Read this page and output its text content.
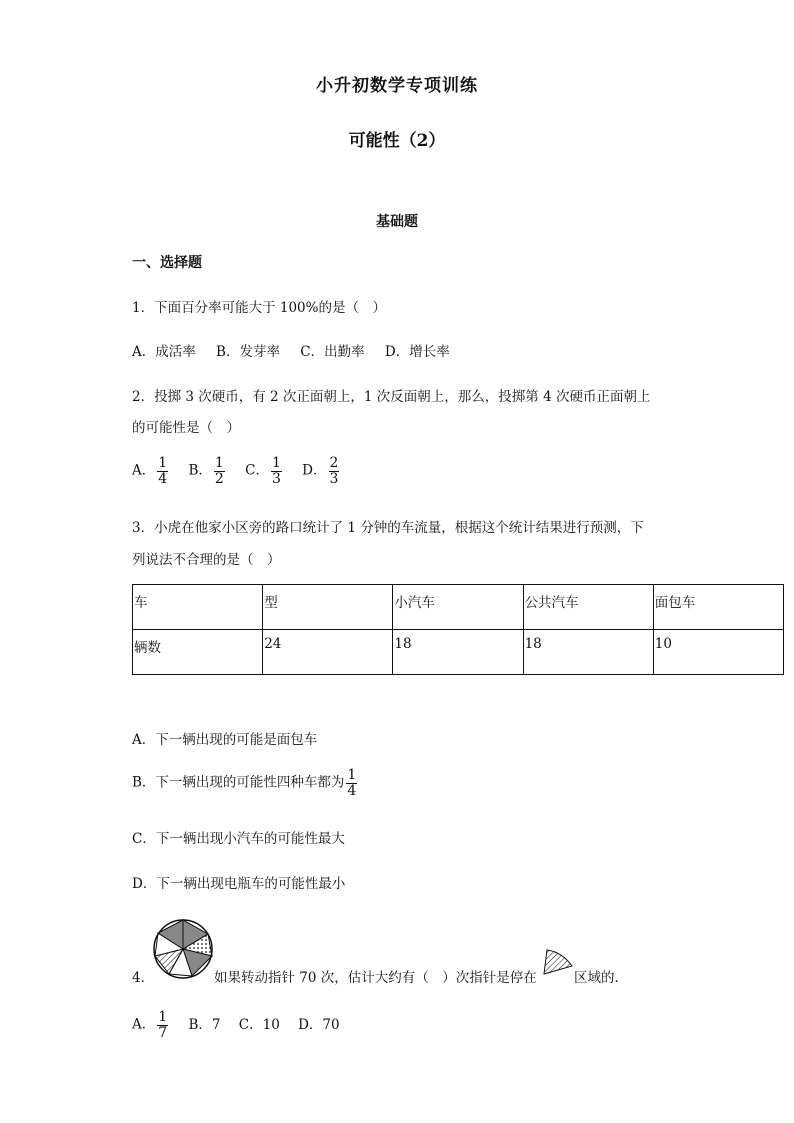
小升初数学专项训练
可能性（2）
基础题
一、选择题
1．下面百分率可能大于 100%的是（　）
A．成活率 B．发芽率 C．出勤率 D．增长率
2．投掷 3 次硬币，有 2 次正面朝上，1 次反面朝上，那么，投掷第 4 次硬币正面朝上
的可能性是（　）
A． $\frac{1}{4}$ B． $\frac{1}{2}$ C． $\frac{1}{3}$ D． $\frac{2}{3}$
3．小虎在他家小区旁的路口统计了 1 分钟的车流量，根据这个统计结果进行预测，下
列说法不合理的是（　）
车	型	小汽车	公共汽车	面包车
辆数	24	18	18	10
A．下一辆出现的可能是面包车
B．下一辆出现的可能性四种车都为 $\frac{1}{4}$
C．下一辆出现小汽车的可能性最大
D．下一辆出现电瓶车的可能性最小
4．	如果转动指针 70 次，估计大约有（　）次指针是停在	区域的．
A． $\frac{1}{7}$ B．7 C．10 D．70
